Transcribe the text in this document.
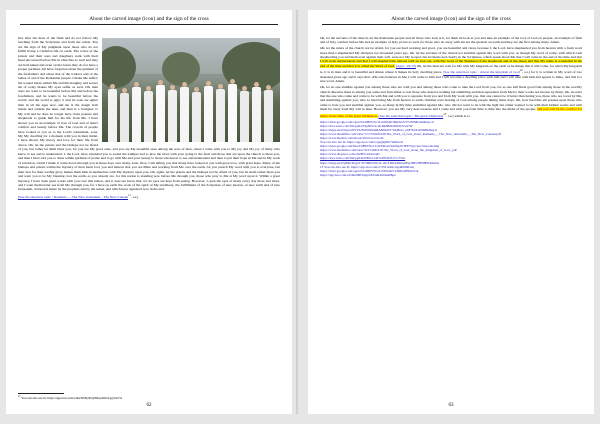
About the carved image (icon) and the sign of the cross

live after the lusts of the flesh and do not follow My teaching from the Scriptures and from the saints. You are the sign of My judgment upon those who do not fulfill living a Christian life on earth. The wives of the priests and their sons and daughters walk with their head uncovered before Me in churches as well and they are half-naked and even on the bones they do not have a proper garment. All have forgotten about the garment of the forefathers and about that of the widows and of the ladies of old of the Romanian people. I make Me suffer; the wound burns within Me and this haughty and severe sin of today makes My eyes suffer as well. Oh, man does not want to be beautiful before Me and before the forefathers, and he wants to be beautiful before the world; and the world is ugly; it and its sons are uglier than in all the ages now, and sin is the dough both inside and outside the man, and man is a foreigner to My will and he does no longer have clean pasture and shepherds to guide him for his life from Me. I have shown you as an example of love of God and of man's comfort and beauty before Me. The crowds of people have looked at you as to the Lord's adornment, sons. My My dwelling for a moment with you in their midst, I have shown My mercy and love for their life from above. Oh, let the priests and the bishops not be afraid of you, but rather let them bless you, for you are My good ones, and you are My beautiful ones among the sons of men, when I come with you to My joy and My joy of many who know to see and to understand. I, the Lord, have extended you to sound the trumpet and to give the news with your going to the feast and those that are upon the church to bless you, and then I have told you to dress within garment of praise and to go with Me and your beauty to those who know to see and understand and then to put their hope in Me and in My work of salvation, which I make it come down through you in these days over many, sons. Now, I am telling you that many have looked at you with great love, with great hope. Many of the bishops and priests within the mystery of their heart love you and believe that you are Mine and working from Me over the earth, for you preach My word with you to everyone, but their fear for their earthly glory makes them hide in themselves with My mystery upon you. Oh, again, let the priests and the bishops not be afraid of you, but let them rather bless you and want you to be My blessing over the earth, as you already are, for this nation is standing now before Me through you, those who pray to Me at My word upon it. Within a great mystery, I have done great works with you over this nation, and it does not know that, for its eyes are kept from seeing. However, I open the eyes of many every day more and more, and I want them better see from Me through you, for I have on earth the work of the spirit of My testimony, the fulfillment of the Scriptures of new heaven, of new earth and of new Jerusalem, worked in times by the prophets and by the saints, and which have appeared now in the end.

(See the selection topic : Romania — The New Jerusalem – The New Canaan$^{11}$, r.e.)

$^{11}$ You can also see in: https://app.box.com/s/dk23fn8y5b9y8t9qa40tz3cgq5tlz7zs
62
About the carved image (icon) and the sign of the cross

Oh, let the servants of the church, let the Romanian people and all those who look at it, let them all look at you and take an example of the love of God on people, an example of faith and of holy conduct before Me and an example of holy power as well, for those who do away with sin are the greatest on earth and they are the first among many. Amen.

Oh, let the rulers of the church not be afraid, for you are hard working and good, you are beautiful and clean, because I, the Lord, have shepherded you from heaven with a fresh word more than I shepherded My disciples two thousand years ago. Oh, let the servants of the church not stumble against My word with you, as though My word of today, with which I am shepherding you and them even against their will, were not My Gospel, but let them read clearly in the Scriptures, which speak about Me that I will come in the end of the time and that I will work mysteriously and that I will shepherd the nations with an iron rod, with My word of the Shepherd of the shepherds and of the sheep and that My name is wonderful in the end of the time and that it is called the Word of God. (Apoc. 19:13) Oh, let the man not wait for Me with My kingdom on the earth as he things that it will come, for when My kingdom is, it is in man and it is beautiful and shines where it makes its holy dwelling place, (See the selection topic : About the kingdom of God$^{12}$, r.e.) for it is written in My word of two thousand years ago and it says that: «He who believes in Me, I will come to him and I will become a dwelling place with him and I will dine with him and appear to him», and this is a true word. Amen.

Oh, let no one stumble against you among those who are with you and among those who come to take the Lord from you, for as one still finds good fruit among those in the worldly church, likewise there is among you some bad fruit either to test those who deserve nothing but stumbling and then separation from Me by their works not known by many. Oh, in order that the one who came and come to be with Me and with you to separate from you and from My work with you, that one cannot be it better than hating you, those who are loved by Me, and stumbling against you, who so hard bring Me from heaven to earth, children sons bearing of God among people during these days. Oh, how hard this sin presses upon those who came to hate you and stumble against you, as many in My time stumbled against Me, who did not want to be with the light but rather wanted to be with their hidden works and with them far away from My will as man. However, you are My very dear treasure and I come and with you from time to time into the midst of the people, and you will be the comfort for many in the time of the great tribulation, (See the selection topic : The great tribulation$^{13}$, r.e.) which is to

https://drive.google.com/open?id=0B0VNo1LsWPknb3RKZnZvYVB5MUuk&usp=0
https://docs.zoho.com/file/pjm-bb5p6tf1a1c2b49e98e9a6261b5ced76c
https://mega.nz/#!rbyxnXYYA!FeP0OhAIRA8N2dW7uK9bws_n6E7hbTOlSh8R4hQ-0
https://www.mediafire.com/view/7cv572rmf1ddb/The_Word_of_God_about_Romania_-_The_New_Jerusalem_-_The_New_Canaan.pdf
https://www.hiaders.com/ebook/Word/wordcom
You can also see in: https://app.box.com/s/ajeglaj8427ndk3wzt
https://drive.google.com/file/d/0B0VNo1LsWPknaG5bnlSpdV3EEVIg/view?usp=sharing
https://www.mediafire.com/view/3215/lx8r/L9f-7he_Word_of_God_about_the_Kingdom_of_God_.pdf
https://www.dropbox.com/s/9z8f2cxtbatrxpb/
https://docs.zoho.com/file/pp0d1n0651d1d47a3954fd517cc7541
https://mega.nz/#!pBD1KQyY!105HR2rrNcsL-8GYDKZ4lDeuIEtq2BE2JHH8ERKhs9A
13 You can also see in: https://app.box.com/s/7t531zd0o1ag4k0m9fadq
https://drive.google.com/open?id=0B0VNo1LsWPknbVZJRIGIRNbUrUk
https://app.box.com/s/fz6ndt8tf32pip18rbn4l4w6m498pu
63
